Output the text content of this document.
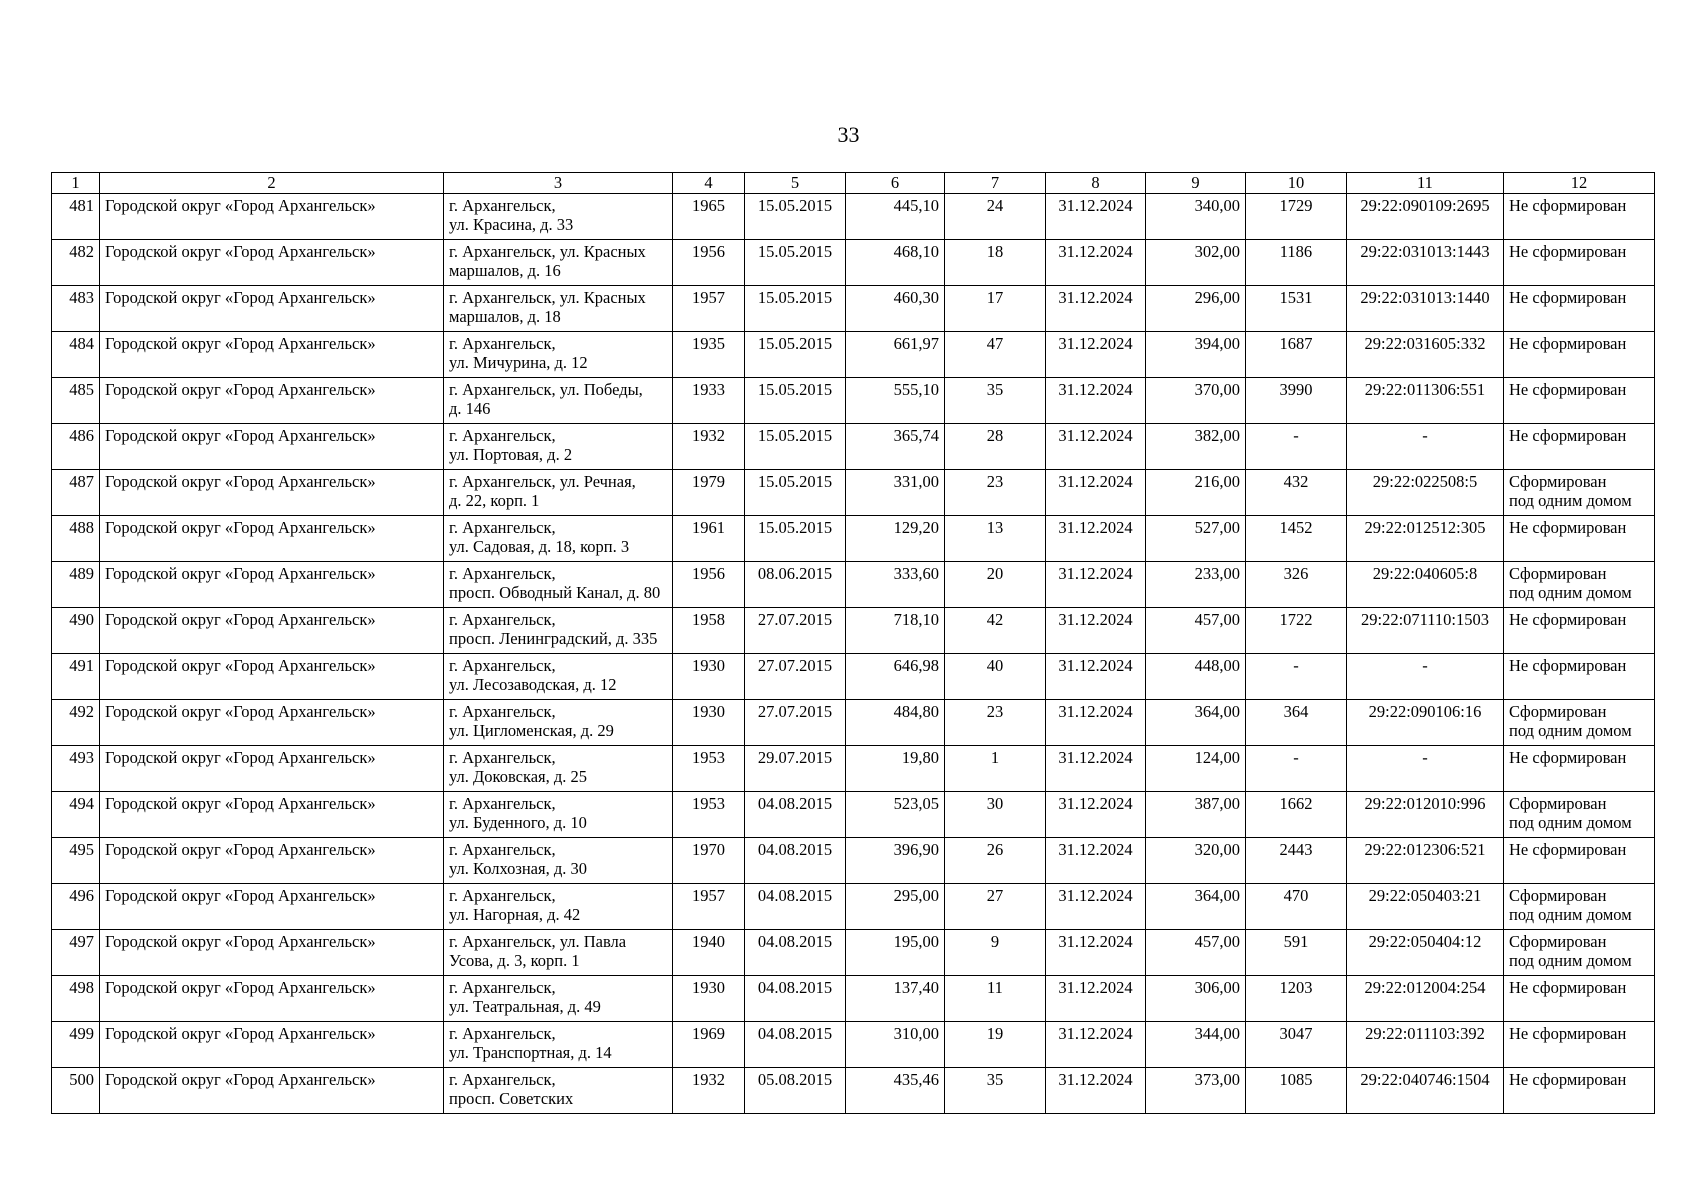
33
1	2	3	4	5	6	7	8	9	10	11	12
481	Городской округ «Город Архангельск»	г. Архангельск,
ул. Красина, д. 33	1965	15.05.2015	445,10	24	31.12.2024	340,00	1729	29:22:090109:2695	Не сформирован

482	Городской округ «Город Архангельск»	г. Архангельск, ул. Красных
маршалов, д. 16	1956	15.05.2015	468,10	18	31.12.2024	302,00	1186	29:22:031013:1443	Не сформирован

483	Городской округ «Город Архангельск»	г. Архангельск, ул. Красных
маршалов, д. 18	1957	15.05.2015	460,30	17	31.12.2024	296,00	1531	29:22:031013:1440	Не сформирован

484	Городской округ «Город Архангельск»	г. Архангельск,
ул. Мичурина, д. 12	1935	15.05.2015	661,97	47	31.12.2024	394,00	1687	29:22:031605:332	Не сформирован

485	Городской округ «Город Архангельск»	г. Архангельск, ул. Победы,
д. 146	1933	15.05.2015	555,10	35	31.12.2024	370,00	3990	29:22:011306:551	Не сформирован

486	Городской округ «Город Архангельск»	г. Архангельск,
ул. Портовая, д. 2	1932	15.05.2015	365,74	28	31.12.2024	382,00	-	-	Не сформирован

487	Городской округ «Город Архангельск»	г. Архангельск, ул. Речная,
д. 22, корп. 1	1979	15.05.2015	331,00	23	31.12.2024	216,00	432	29:22:022508:5	Сформирован
под одним домом

488	Городской округ «Город Архангельск»	г. Архангельск,
ул. Садовая, д. 18, корп. 3	1961	15.05.2015	129,20	13	31.12.2024	527,00	1452	29:22:012512:305	Не сформирован

489	Городской округ «Город Архангельск»	г. Архангельск,
просп. Обводный Канал, д. 80	1956	08.06.2015	333,60	20	31.12.2024	233,00	326	29:22:040605:8	Сформирован
под одним домом

490	Городской округ «Город Архангельск»	г. Архангельск,
просп. Ленинградский, д. 335	1958	27.07.2015	718,10	42	31.12.2024	457,00	1722	29:22:071110:1503	Не сформирован

491	Городской округ «Город Архангельск»	г. Архангельск,
ул. Лесозаводская, д. 12	1930	27.07.2015	646,98	40	31.12.2024	448,00	-	-	Не сформирован

492	Городской округ «Город Архангельск»	г. Архангельск,
ул. Цигломенская, д. 29	1930	27.07.2015	484,80	23	31.12.2024	364,00	364	29:22:090106:16	Сформирован
под одним домом

493	Городской округ «Город Архангельск»	г. Архангельск,
ул. Доковская, д. 25	1953	29.07.2015	19,80	1	31.12.2024	124,00	-	-	Не сформирован

494	Городской округ «Город Архангельск»	г. Архангельск,
ул. Буденного, д. 10	1953	04.08.2015	523,05	30	31.12.2024	387,00	1662	29:22:012010:996	Сформирован
под одним домом

495	Городской округ «Город Архангельск»	г. Архангельск,
ул. Колхозная, д. 30	1970	04.08.2015	396,90	26	31.12.2024	320,00	2443	29:22:012306:521	Не сформирован

496	Городской округ «Город Архангельск»	г. Архангельск,
ул. Нагорная, д. 42	1957	04.08.2015	295,00	27	31.12.2024	364,00	470	29:22:050403:21	Сформирован
под одним домом

497	Городской округ «Город Архангельск»	г. Архангельск, ул. Павла
Усова, д. 3, корп. 1	1940	04.08.2015	195,00	9	31.12.2024	457,00	591	29:22:050404:12	Сформирован
под одним домом

498	Городской округ «Город Архангельск»	г. Архангельск,
ул. Театральная, д. 49	1930	04.08.2015	137,40	11	31.12.2024	306,00	1203	29:22:012004:254	Не сформирован

499	Городской округ «Город Архангельск»	г. Архангельск,
ул. Транспортная, д. 14	1969	04.08.2015	310,00	19	31.12.2024	344,00	3047	29:22:011103:392	Не сформирован

500	Городской округ «Город Архангельск»	г. Архангельск,
просп. Советских	1932	05.08.2015	435,46	35	31.12.2024	373,00	1085	29:22:040746:1504	Не сформирован
